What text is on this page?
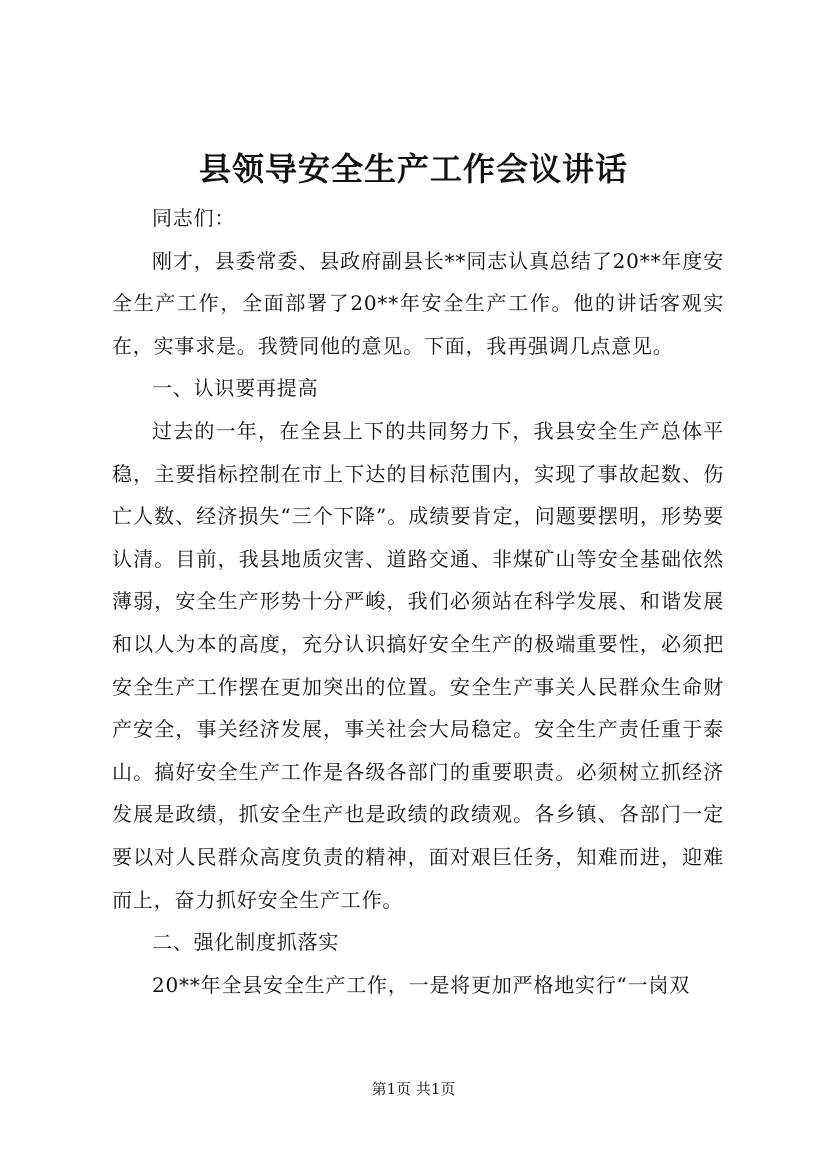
县领导安全生产工作会议讲话

同志们：

刚才，县委常委、县政府副县长**同志认真总结了20**年度安全生产工作，全面部署了20**年安全生产工作。他的讲话客观实在，实事求是。我赞同他的意见。下面，我再强调几点意见。

一、认识要再提高

过去的一年，在全县上下的共同努力下，我县安全生产总体平稳，主要指标控制在市上下达的目标范围内，实现了事故起数、伤亡人数、经济损失“三个下降”。成绩要肯定，问题要摆明，形势要认清。目前，我县地质灾害、道路交通、非煤矿山等安全基础依然薄弱，安全生产形势十分严峻，我们必须站在科学发展、和谐发展和以人为本的高度，充分认识搞好安全生产的极端重要性，必须把安全生产工作摆在更加突出的位置。安全生产事关人民群众生命财产安全，事关经济发展，事关社会大局稳定。安全生产责任重于泰山。搞好安全生产工作是各级各部门的重要职责。必须树立抓经济发展是政绩，抓安全生产也是政绩的政绩观。各乡镇、各部门一定要以对人民群众高度负责的精神，面对艰巨任务，知难而进，迎难而上，奋力抓好安全生产工作。

二、强化制度抓落实

20**年全县安全生产工作，一是将更加严格地实行“一岗双

第1页 共1页
